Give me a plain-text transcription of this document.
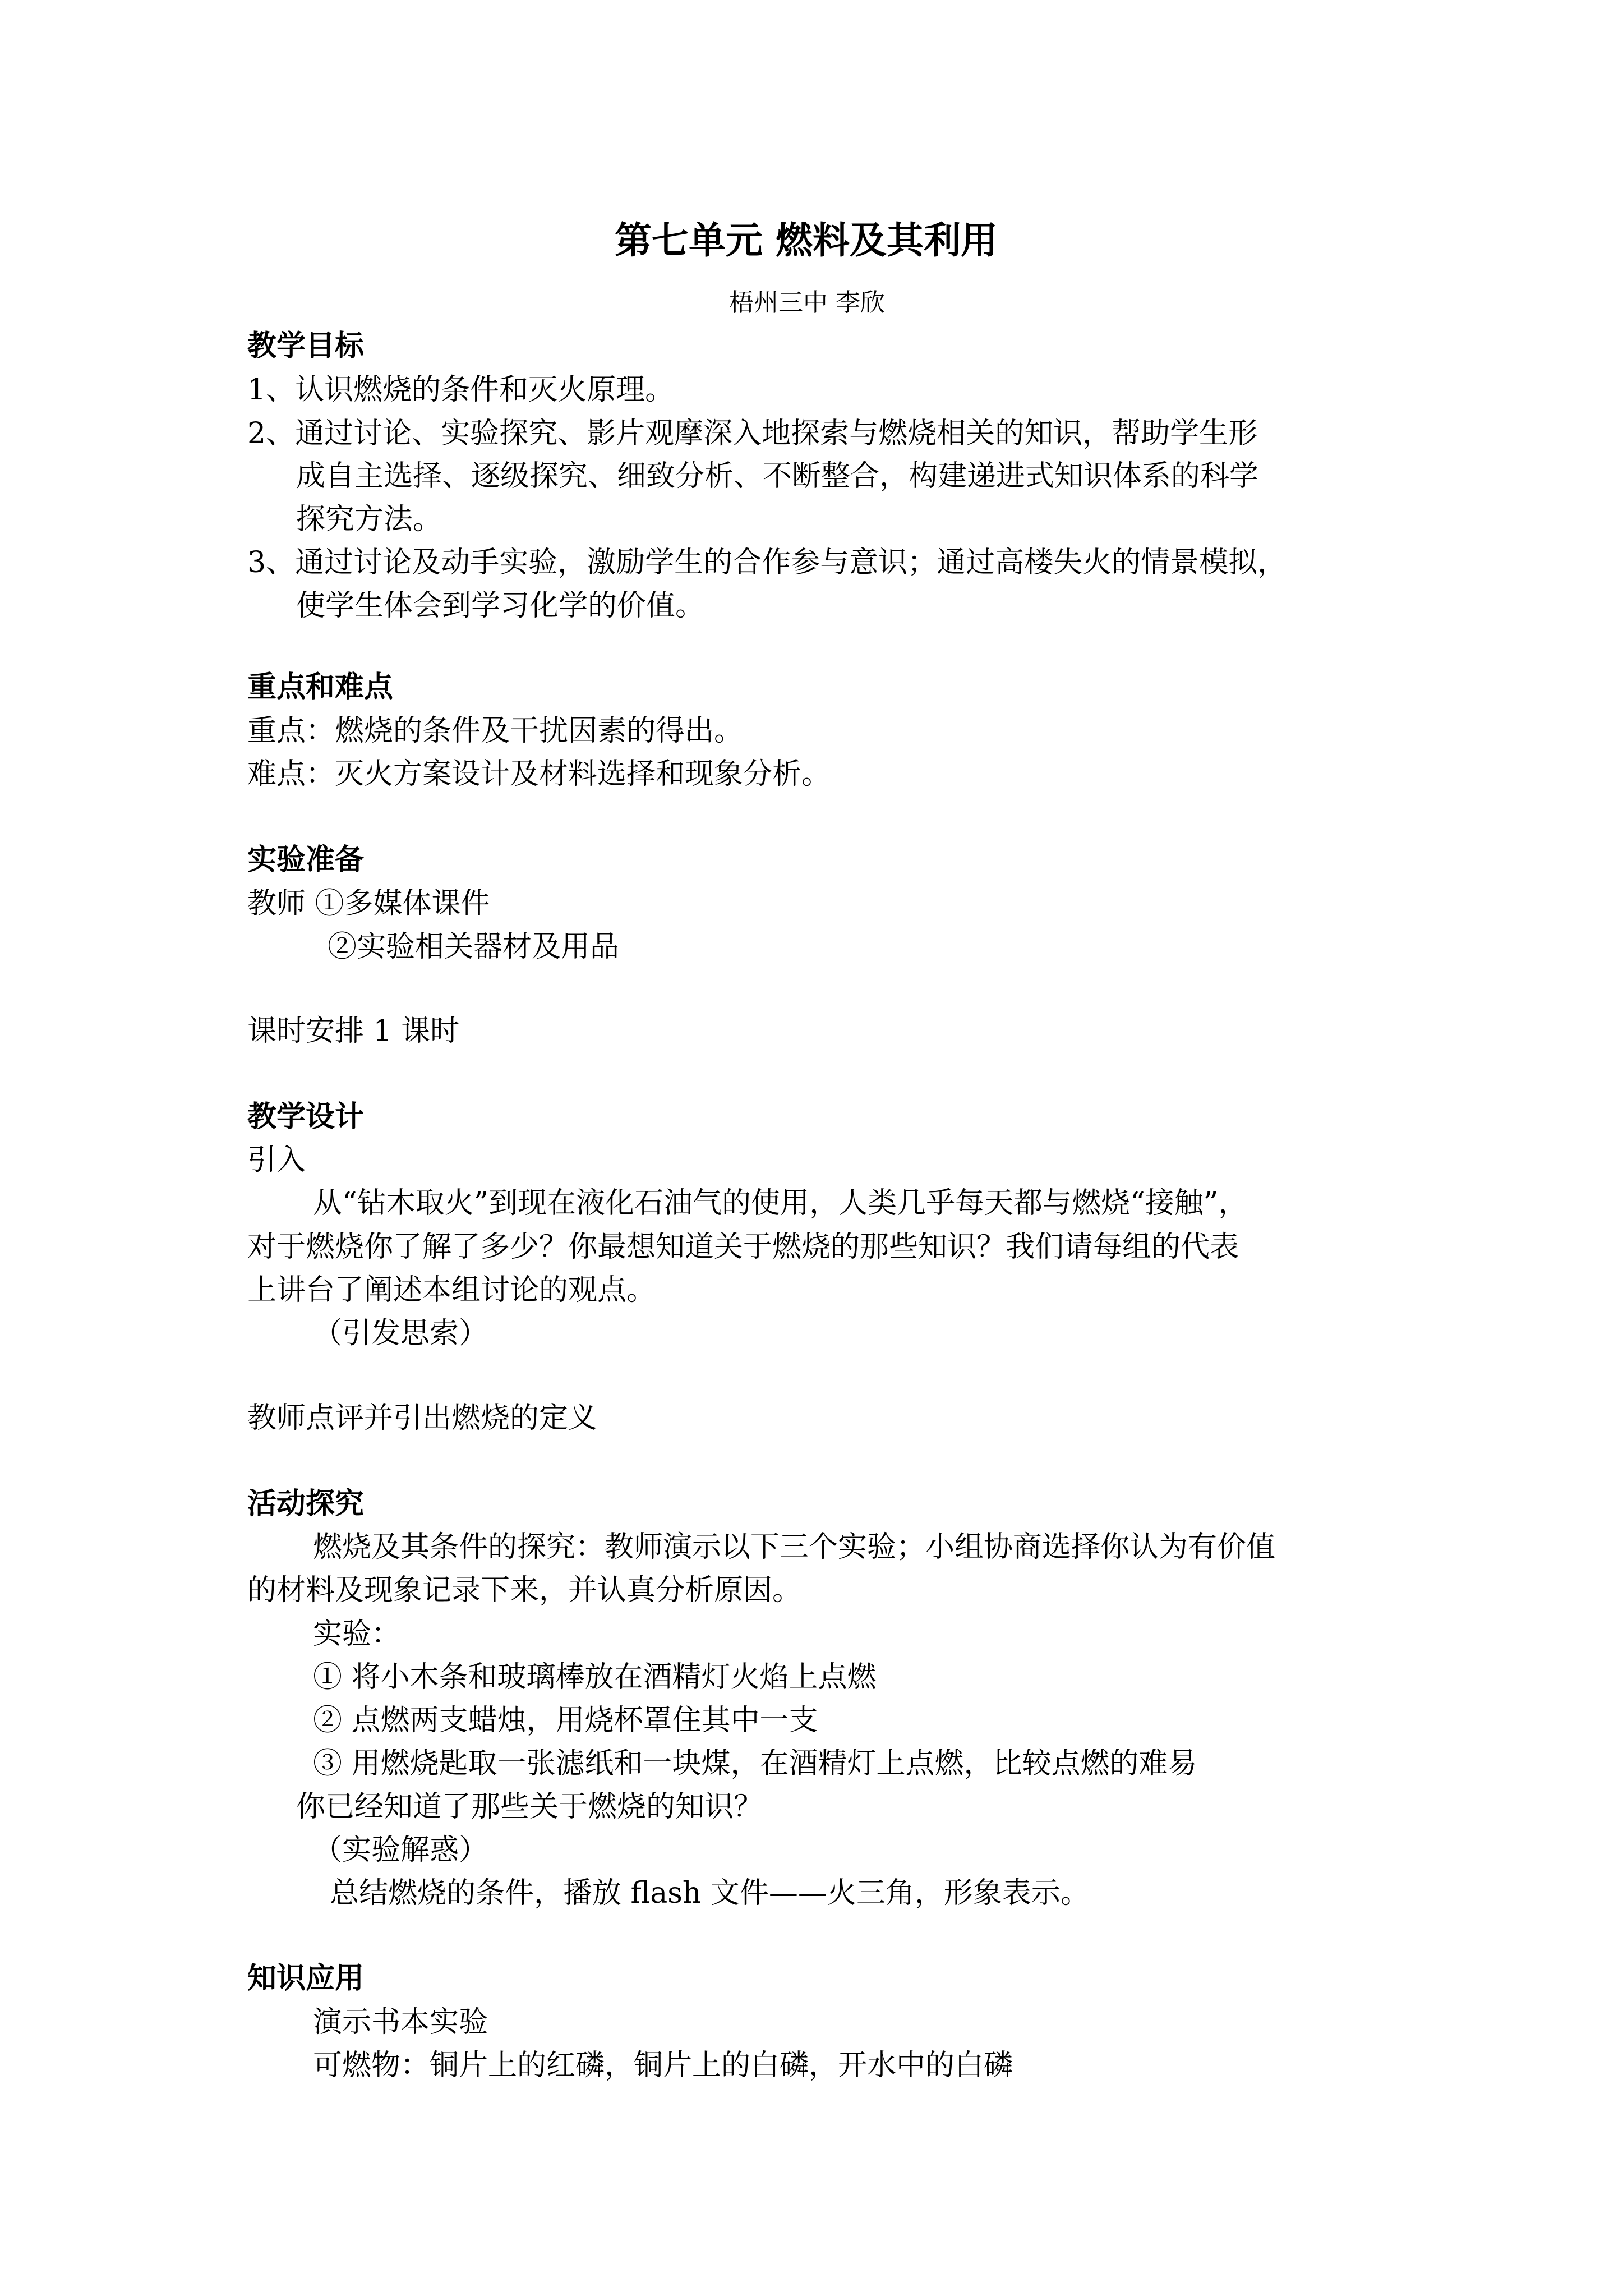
第七单元 燃料及其利用

梧州三中 李欣

教学目标

1、认识燃烧的条件和灭火原理。

2、通过讨论、实验探究、影片观摩深入地探索与燃烧相关的知识，帮助学生形

成自主选择、逐级探究、细致分析、不断整合，构建递进式知识体系的科学

探究方法。

3、通过讨论及动手实验，激励学生的合作参与意识；通过高楼失火的情景模拟，

使学生体会到学习化学的价值。

重点和难点

重点：燃烧的条件及干扰因素的得出。

难点：灭火方案设计及材料选择和现象分析。

实验准备

教师 ①多媒体课件

②实验相关器材及用品

课时安排 1 课时

教学设计

引入

从“钻木取火”到现在液化石油气的使用，人类几乎每天都与燃烧“接触”，

对于燃烧你了解了多少？你最想知道关于燃烧的那些知识？我们请每组的代表

上讲台了阐述本组讨论的观点。

（引发思索）

教师点评并引出燃烧的定义

活动探究

燃烧及其条件的探究：教师演示以下三个实验；小组协商选择你认为有价值

的材料及现象记录下来，并认真分析原因。

实验：

① 将小木条和玻璃棒放在酒精灯火焰上点燃

② 点燃两支蜡烛，用烧杯罩住其中一支

③ 用燃烧匙取一张滤纸和一块煤，在酒精灯上点燃，比较点燃的难易

你已经知道了那些关于燃烧的知识？

（实验解惑）

总结燃烧的条件，播放 flash 文件——火三角，形象表示。

知识应用

演示书本实验

可燃物：铜片上的红磷，铜片上的白磷，开水中的白磷
